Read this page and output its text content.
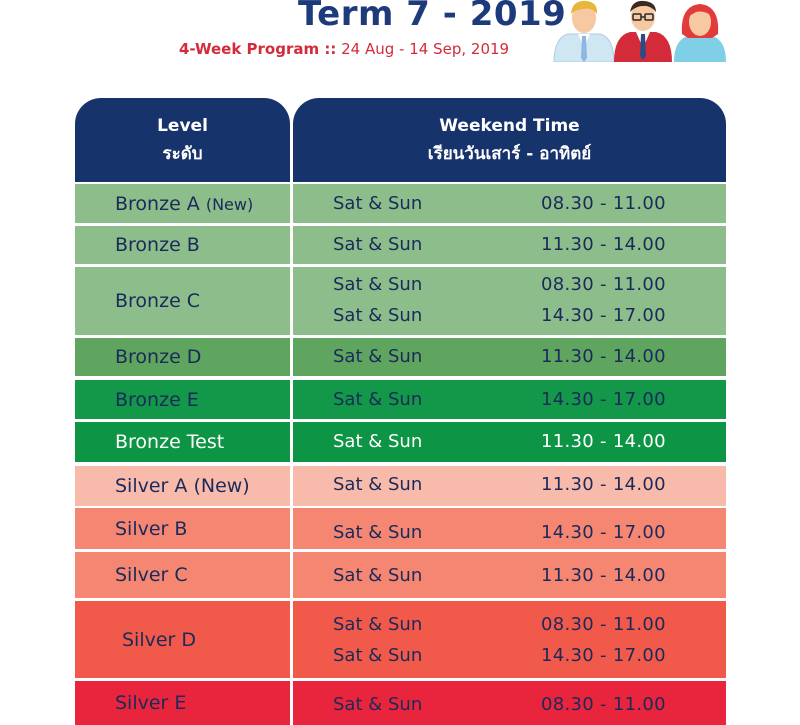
Term 7 - 2019
4-Week Program :: 24 Aug - 14 Sep, 2019
Level
ระดับ
Weekend Time
เรียนวันเสาร์ - อาทิตย์
Bronze A (New)	Sat & Sun	08.30 - 11.00
Bronze B	Sat & Sun	11.30 - 14.00
Bronze C
Sat & Sun	08.30 - 11.00
Sat & Sun	14.30 - 17.00
Bronze D	Sat & Sun	11.30 - 14.00
Bronze E	Sat & Sun	14.30 - 17.00
Bronze Test	Sat & Sun	11.30 - 14.00
Silver A (New)	Sat & Sun	11.30 - 14.00
Silver B	Sat & Sun	14.30 - 17.00
Silver C	Sat & Sun	11.30 - 14.00
Silver D
Sat & Sun	08.30 - 11.00
Sat & Sun	14.30 - 17.00
Silver E	Sat & Sun	08.30 - 11.00
